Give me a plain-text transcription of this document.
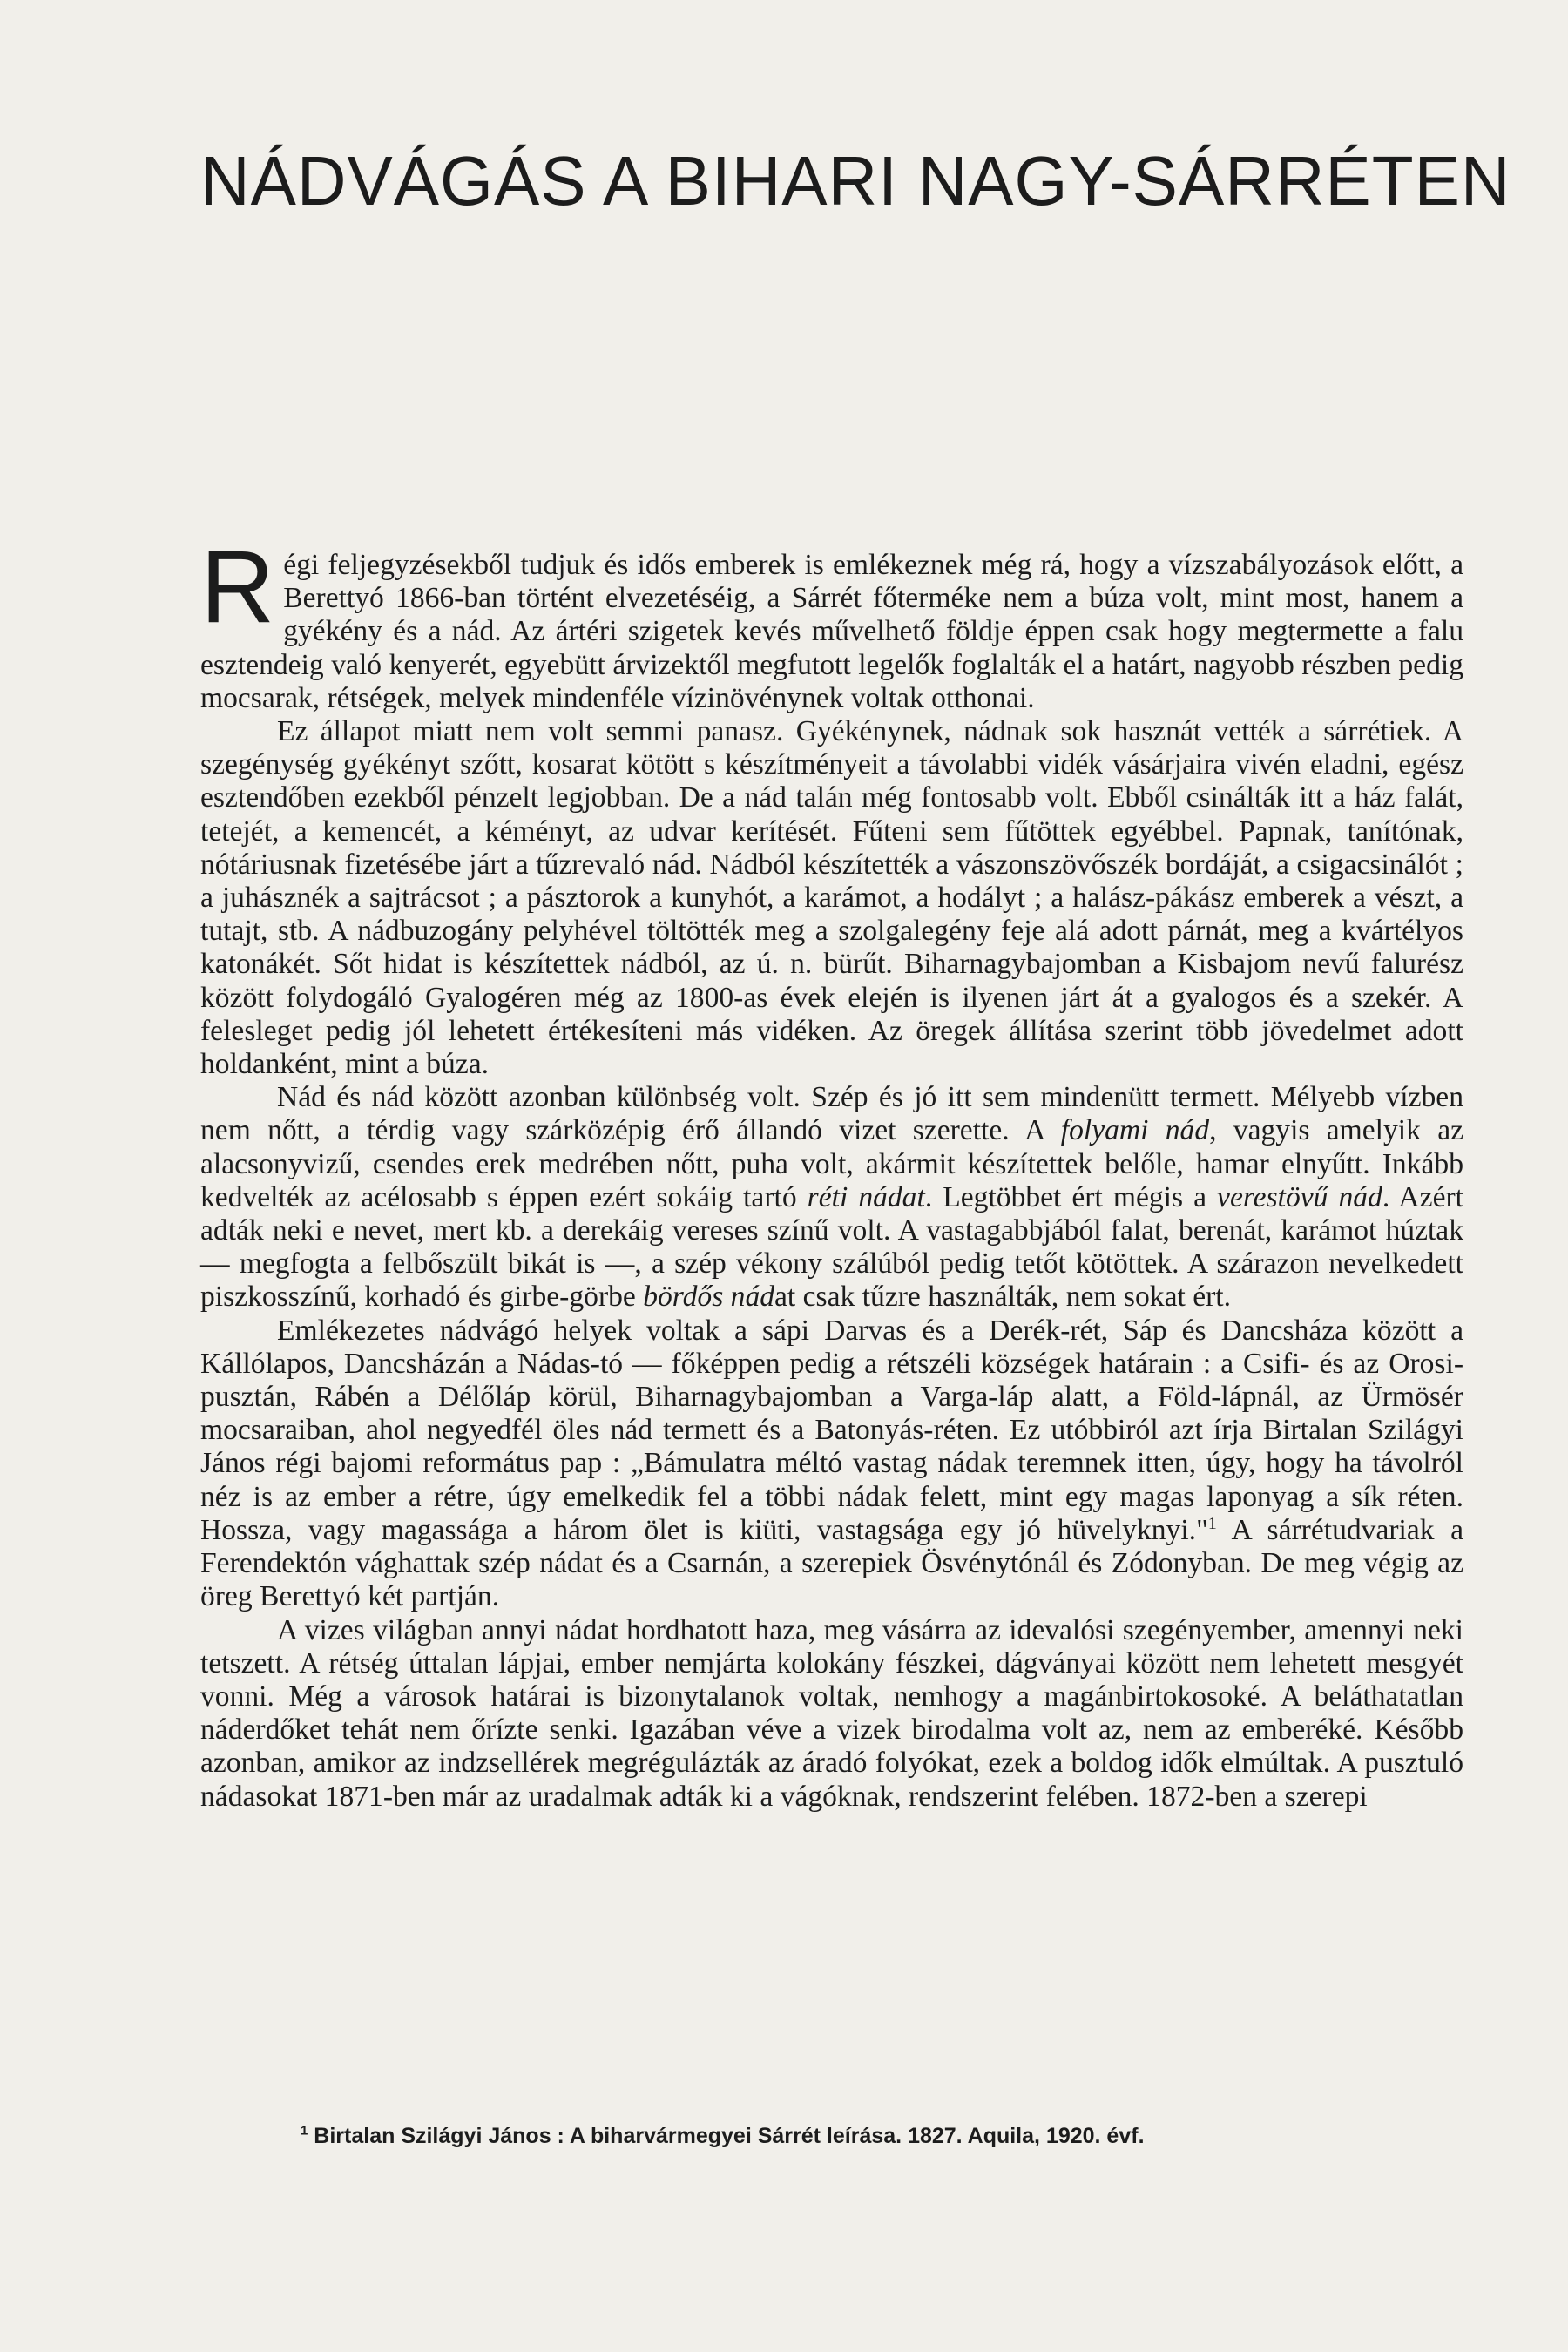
NÁDVÁGÁS A BIHARI NAGY-SÁRRÉTEN

Régi feljegyzésekből tudjuk és idős emberek is emlékeznek még rá, hogy a vízszabályozások előtt, a Berettyó 1866-ban történt elvezetéséig, a Sárrét főterméke nem a búza volt, mint most, hanem a gyékény és a nád. Az ártéri szigetek kevés művelhető földje éppen csak hogy megtermette a falu esztendeig való kenyerét, egyebütt árvizektől megfutott legelők foglalták el a határt, nagyobb részben pedig mocsarak, rétségek, melyek mindenféle vízinövénynek voltak otthonai.

Ez állapot miatt nem volt semmi panasz. Gyékénynek, nádnak sok hasznát vették a sárrétiek. A szegénység gyékényt szőtt, kosarat kötött s készítményeit a távolabbi vidék vásárjaira vivén eladni, egész esztendőben ezekből pénzelt legjobban. De a nád talán még fontosabb volt. Ebből csinálták itt a ház falát, tetejét, a kemencét, a kéményt, az udvar kerítését. Fűteni sem fűtöttek egyébbel. Papnak, tanítónak, nótáriusnak fizetésébe járt a tűzrevaló nád. Nádból készítették a vászonszövőszék bordáját, a csigacsinálót ; a juhásznék a sajtrácsot ; a pásztorok a kunyhót, a karámot, a hodályt ; a halász-pákász emberek a vészt, a tutajt, stb. A nádbuzogány pelyhével töltötték meg a szolgalegény feje alá adott párnát, meg a kvártélyos katonákét. Sőt hidat is készítettek nádból, az ú. n. bürűt. Biharnagybajomban a Kisbajom nevű falurész között folydogáló Gyalogéren még az 1800-as évek elején is ilyenen járt át a gyalogos és a szekér. A felesleget pedig jól lehetett értékesíteni más vidéken. Az öregek állítása szerint több jövedelmet adott holdanként, mint a búza.

Nád és nád között azonban különbség volt. Szép és jó itt sem mindenütt termett. Mélyebb vízben nem nőtt, a térdig vagy szárközépig érő állandó vizet szerette. A folyami nád, vagyis amelyik az alacsonyvizű, csendes erek medrében nőtt, puha volt, akármit készítettek belőle, hamar elnyűtt. Inkább kedvelték az acélosabb s éppen ezért sokáig tartó réti nádat. Legtöbbet ért mégis a verestövű nád. Azért adták neki e nevet, mert kb. a derekáig vereses színű volt. A vastagabbjából falat, berenát, karámot húztak — megfogta a felbőszült bikát is —, a szép vékony szálúból pedig tetőt kötöttek. A szárazon nevelkedett piszkosszínű, korhadó és girbe-görbe bördős nádat csak tűzre használták, nem sokat ért.

Emlékezetes nádvágó helyek voltak a sápi Darvas és a Derék-rét, Sáp és Dancsháza között a Kállólapos, Dancsházán a Nádas-tó — főképpen pedig a rétszéli községek határain : a Csifi- és az Orosi-pusztán, Rábén a Délőláp körül, Biharnagybajomban a Varga-láp alatt, a Föld-lápnál, az Ürmösér mocsaraiban, ahol negyedfél öles nád termett és a Batonyás-réten. Ez utóbbiról azt írja Birtalan Szilágyi János régi bajomi református pap : „Bámulatra méltó vastag nádak teremnek itten, úgy, hogy ha távolról néz is az ember a rétre, úgy emelkedik fel a többi nádak felett, mint egy magas laponyag a sík réten. Hossza, vagy magassága a három ölet is kiüti, vastagsága egy jó hüvelyknyi."$^1$ A sárrétudvariak a Ferendektón vághattak szép nádat és a Csarnán, a szerepiek Ösvénytónál és Zódonyban. De meg végig az öreg Berettyó két partján.

A vizes világban annyi nádat hordhatott haza, meg vásárra az idevalósi szegényember, amennyi neki tetszett. A rétség úttalan lápjai, ember nemjárta kolokány fészkei, dágványai között nem lehetett mesgyét vonni. Még a városok határai is bizonytalanok voltak, nemhogy a magánbirtokosoké. A beláthatatlan náderdőket tehát nem őrízte senki. Igazában véve a vizek birodalma volt az, nem az emberéké. Később azonban, amikor az indzsellérek megrégulázták az áradó folyókat, ezek a boldog idők elmúltak. A pusztuló nádasokat 1871-ben már az uradalmak adták ki a vágóknak, rendszerint felében. 1872-ben a szerepi

$^1$ Birtalan Szilágyi János : A biharvármegyei Sárrét leírása. 1827. Aquila, 1920. évf.
